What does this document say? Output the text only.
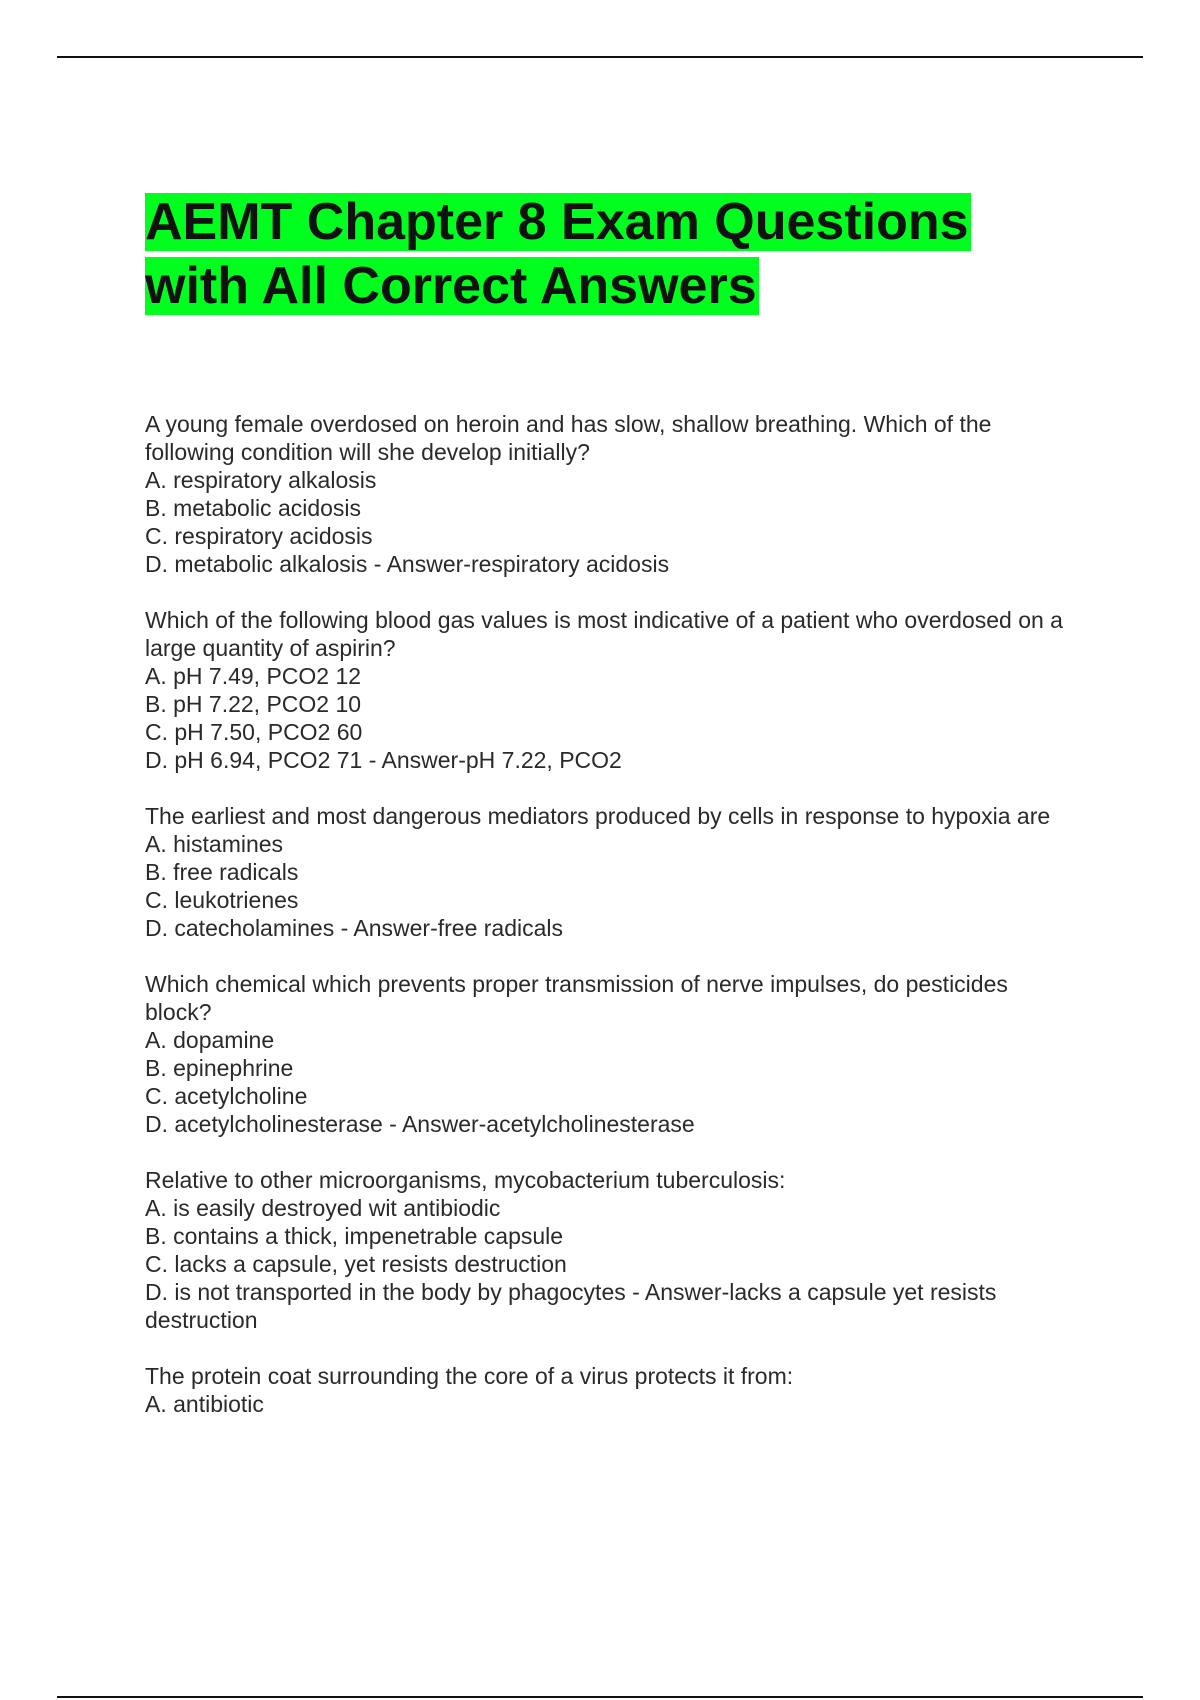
AEMT Chapter 8 Exam Questions
with All Correct Answers

A young female overdosed on heroin and has slow, shallow breathing. Which of the following condition will she develop initially?

A. respiratory alkalosis

B. metabolic acidosis

C. respiratory acidosis

D. metabolic alkalosis - Answer-respiratory acidosis

Which of the following blood gas values is most indicative of a patient who overdosed on a large quantity of aspirin?

A. pH 7.49, PCO2 12

B. pH 7.22, PCO2 10

C. pH 7.50, PCO2 60

D. pH 6.94, PCO2 71 - Answer-pH 7.22, PCO2

The earliest and most dangerous mediators produced by cells in response to hypoxia are

A. histamines

B. free radicals

C. leukotrienes

D. catecholamines - Answer-free radicals

Which chemical which prevents proper transmission of nerve impulses, do pesticides block?

A. dopamine

B. epinephrine

C. acetylcholine

D. acetylcholinesterase - Answer-acetylcholinesterase

Relative to other microorganisms, mycobacterium tuberculosis:

A. is easily destroyed wit antibiodic

B. contains a thick, impenetrable capsule

C. lacks a capsule, yet resists destruction

D. is not transported in the body by phagocytes - Answer-lacks a capsule yet resists destruction

The protein coat surrounding the core of a virus protects it from:

A. antibiotic
